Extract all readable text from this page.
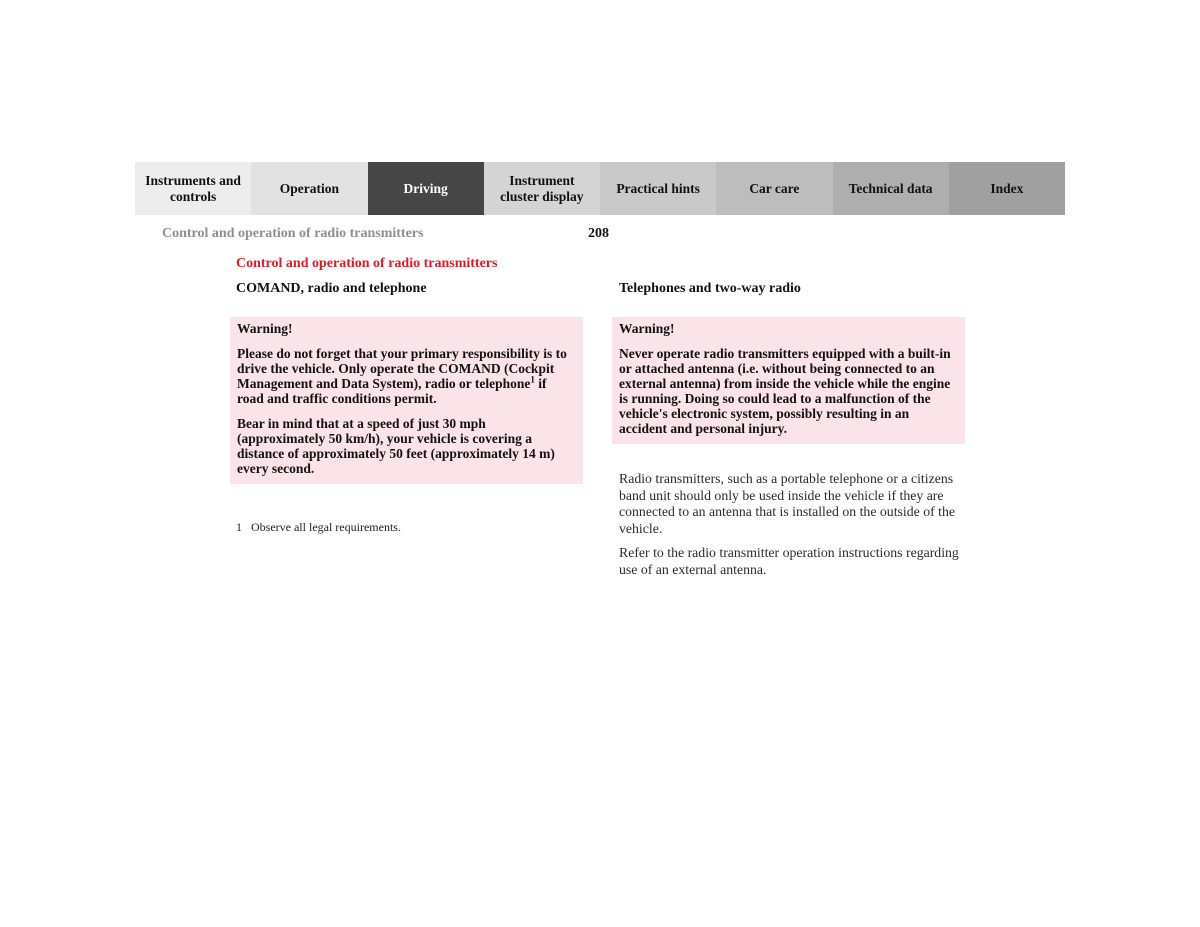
Instruments and controls
Operation	Driving
Instrument cluster display
Practical hints	Car care	Technical data	Index
Control and operation of radio transmitters	208
Control and operation of radio transmitters
COMAND, radio and telephone	Telephones and two-way radio
Warning!

Please do not forget that your primary responsibility is to drive the vehicle. Only operate the COMAND (Cockpit Management and Data System), radio or telephone$^1$ if road and traffic conditions permit.

Bear in mind that at a speed of just 30 mph (approximately 50 km/h), your vehicle is covering a distance of approximately 50 feet (approximately 14 m) every second.

Warning!

Never operate radio transmitters equipped with a built-in or attached antenna (i.e. without being connected to an external antenna) from inside the vehicle while the engine is running. Doing so could lead to a malfunction of the vehicle's electronic system, possibly resulting in an accident and personal injury.

1 Observe all legal requirements.

Radio transmitters, such as a portable telephone or a citizens band unit should only be used inside the vehicle if they are connected to an antenna that is installed on the outside of the vehicle.

Refer to the radio transmitter operation instructions regarding use of an external antenna.
